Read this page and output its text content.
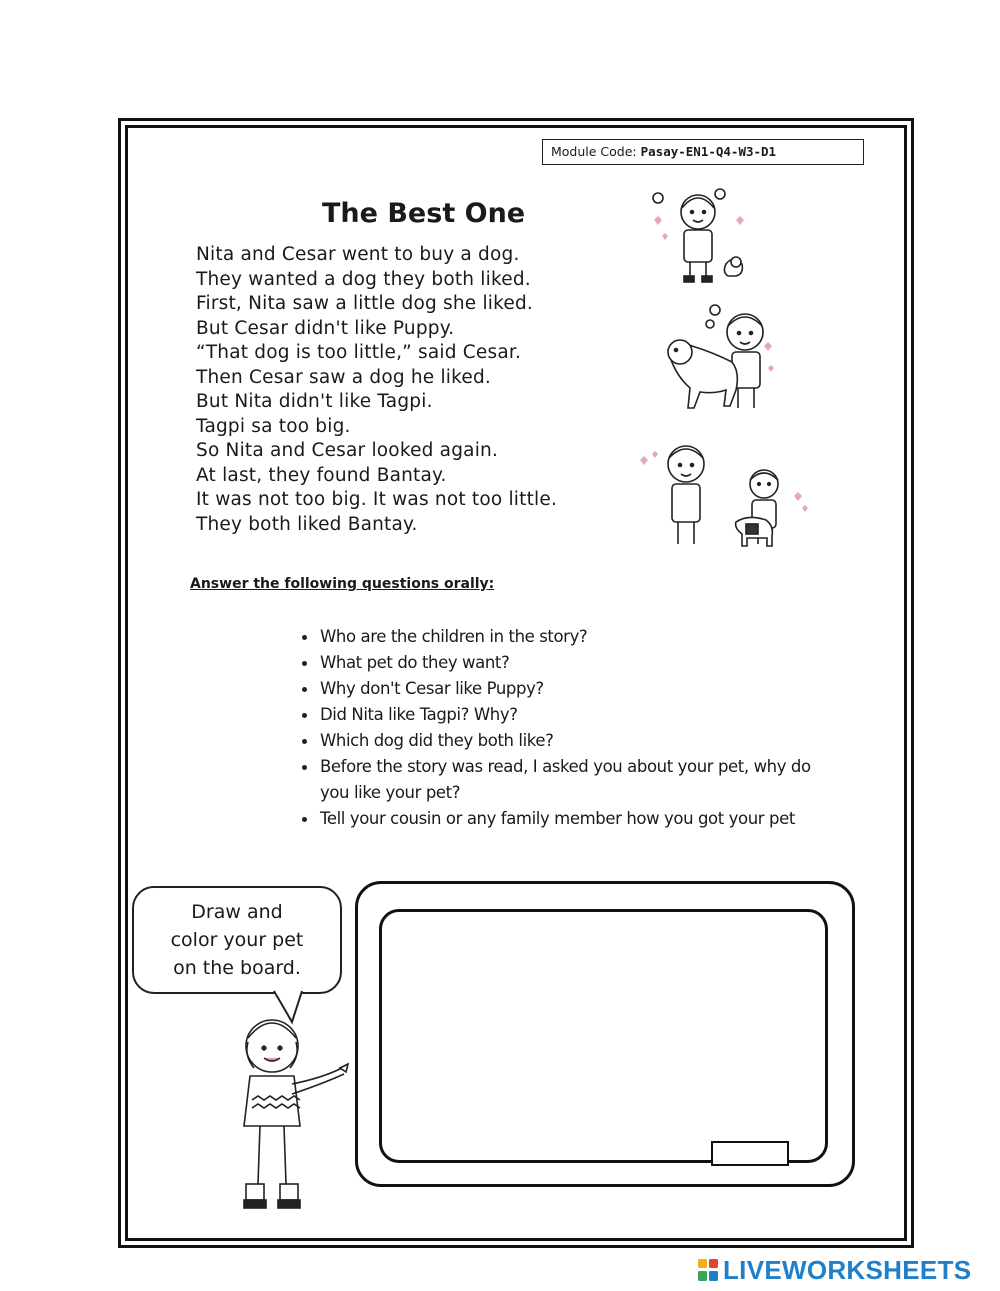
Module Code: Pasay-EN1-Q4-W3-D1
The Best One
Nita and Cesar went to buy a dog.
They wanted a dog they both liked.
First, Nita saw a little dog she liked.
But Cesar didn't like Puppy.
“That dog is too little,” said Cesar.
Then Cesar saw a dog he liked.
But Nita didn't like Tagpi.
Tagpi sa too big.
So Nita and Cesar looked again.
At last, they found Bantay.
It was not too big. It was not too little.
They both liked Bantay.
Answer the following questions orally:
Who are the children in the story?
What pet do they want?
Why don't Cesar like Puppy?
Did Nita like Tagpi? Why?
Which dog did they both like?
Before the story was read, I asked you about your pet, why do you like your pet?
Tell your cousin or any family member how you got your pet
Draw and
color your pet
on the board.
LIVEWORKSHEETS
